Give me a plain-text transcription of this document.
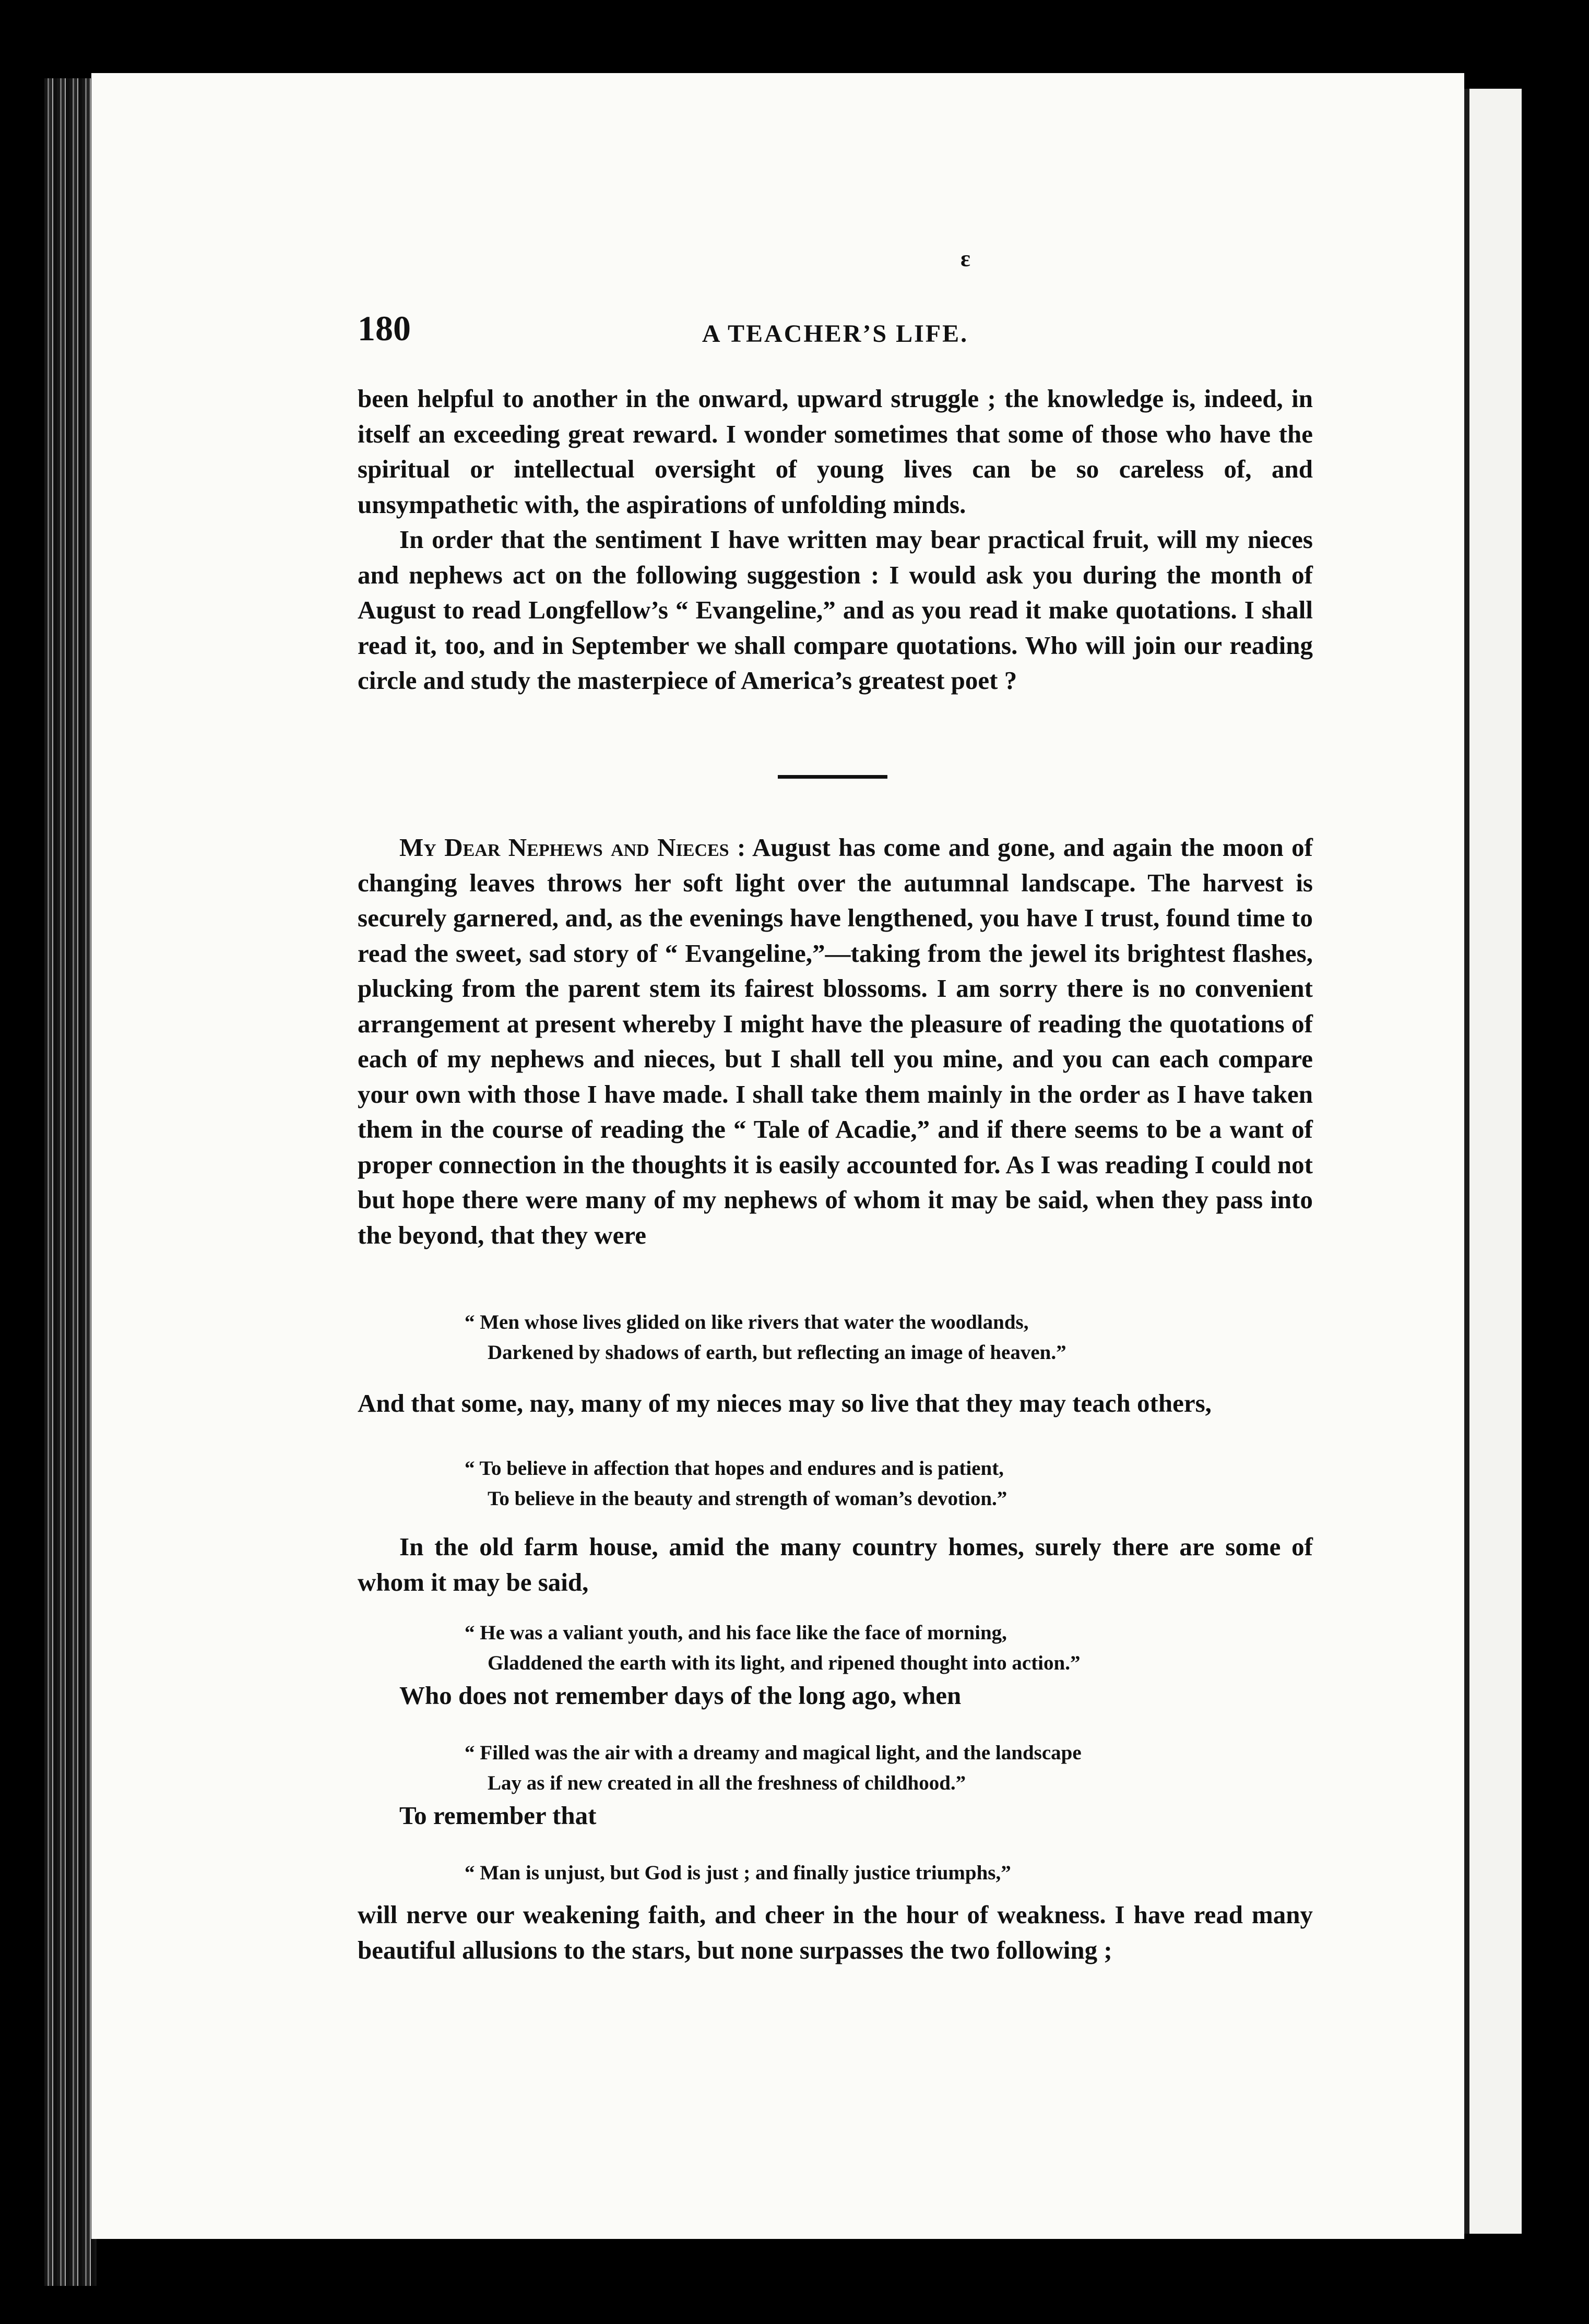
ɛ
180	A TEACHER’S LIFE.

been helpful to another in the onward, upward struggle ; the knowledge is, indeed, in itself an exceeding great reward. I wonder sometimes that some of those who have the spiritual or intellectual oversight of young lives can be so careless of, and unsympathetic with, the aspirations of unfolding minds.

In order that the sentiment I have written may bear practical fruit, will my nieces and nephews act on the following suggestion : I would ask you during the month of August to read Longfellow’s “ Evangeline,” and as you read it make quotations. I shall read it, too, and in September we shall compare quotations. Who will join our reading circle and study the masterpiece of America’s greatest poet ?

My Dear Nephews and Nieces : August has come and gone, and again the moon of changing leaves throws her soft light over the autumnal landscape. The harvest is securely garnered, and, as the evenings have lengthened, you have I trust, found time to read the sweet, sad story of “ Evangeline,”—taking from the jewel its brightest flashes, plucking from the parent stem its fairest blossoms. I am sorry there is no convenient arrangement at present whereby I might have the pleasure of reading the quotations of each of my nephews and nieces, but I shall tell you mine, and you can each compare your own with those I have made. I shall take them mainly in the order as I have taken them in the course of reading the “ Tale of Acadie,” and if there seems to be a want of proper connection in the thoughts it is easily accounted for. As I was reading I could not but hope there were many of my nephews of whom it may be said, when they pass into the beyond, that they were

“ Men whose lives glided on like rivers that water the woodlands,

Darkened by shadows of earth, but reflecting an image of heaven.”

And that some, nay, many of my nieces may so live that they may teach others,

“ To believe in affection that hopes and endures and is patient,

To believe in the beauty and strength of woman’s devotion.”

In the old farm house, amid the many country homes, surely there are some of whom it may be said,

“ He was a valiant youth, and his face like the face of morning,

Gladdened the earth with its light, and ripened thought into action.”

Who does not remember days of the long ago, when

“ Filled was the air with a dreamy and magical light, and the landscape

Lay as if new created in all the freshness of childhood.”

To remember that

“ Man is unjust, but God is just ; and finally justice triumphs,”

will nerve our weakening faith, and cheer in the hour of weakness. I have read many beautiful allusions to the stars, but none surpasses the two following ;
